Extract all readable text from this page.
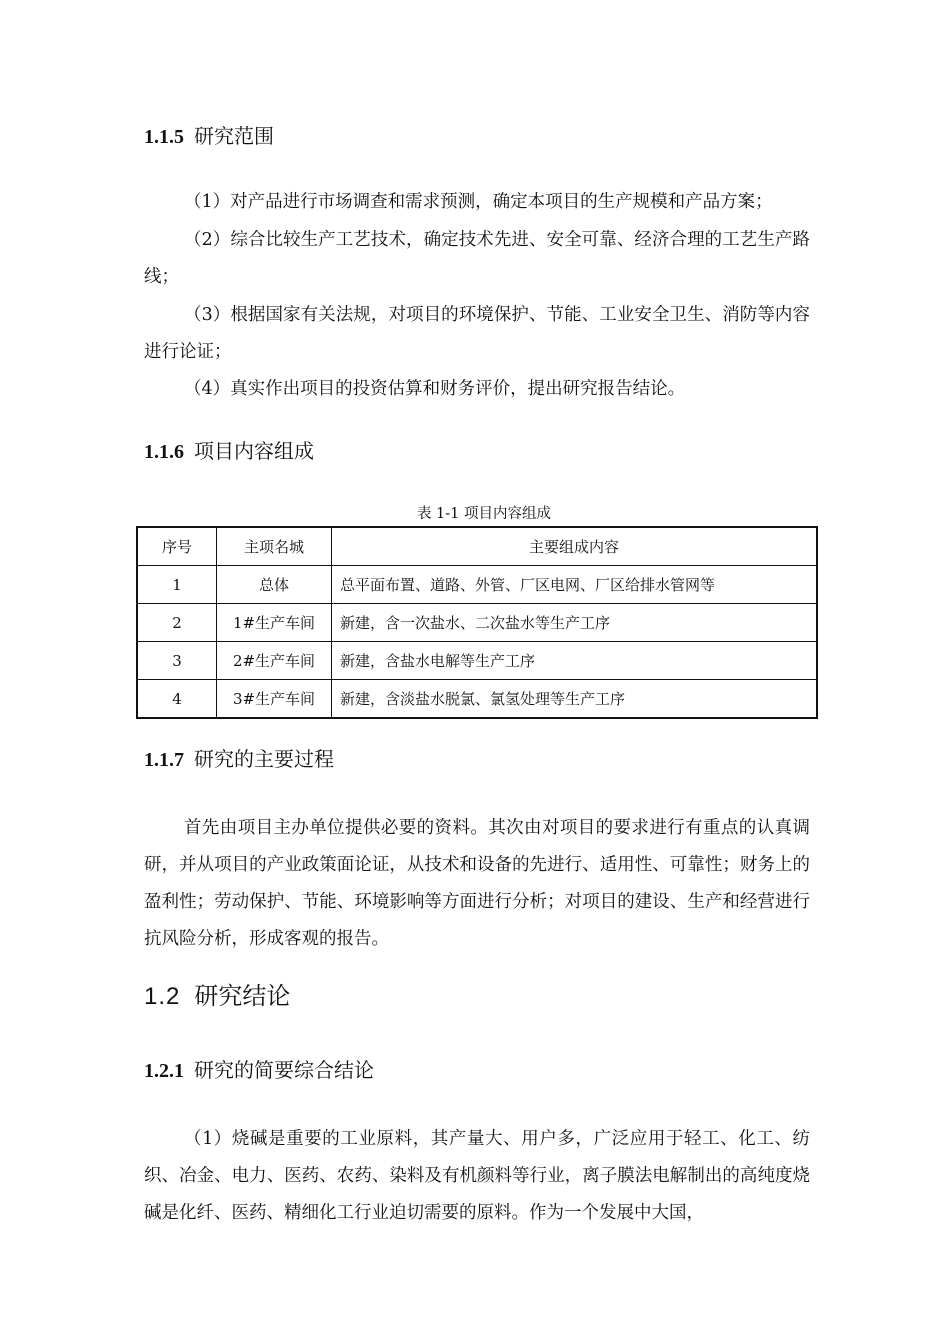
1.1.5 研究范围

（1）对产品进行市场调查和需求预测，确定本项目的生产规模和产品方案；

（2）综合比较生产工艺技术，确定技术先进、安全可靠、经济合理的工艺生产路线；

（3）根据国家有关法规，对项目的环境保护、节能、工业安全卫生、消防等内容进行论证；

（4）真实作出项目的投资估算和财务评价，提出研究报告结论。

1.1.6 项目内容组成
表 1-1 项目内容组成
序号	主项名城	主要组成内容
1	总体	总平面布置、道路、外管、厂区电网、厂区给排水管网等
2	1#生产车间	新建，含一次盐水、二次盐水等生产工序
3	2#生产车间	新建，含盐水电解等生产工序
4	3#生产车间	新建，含淡盐水脱氯、氯氢处理等生产工序
1.1.7 研究的主要过程

首先由项目主办单位提供必要的资料。其次由对项目的要求进行有重点的认真调研，并从项目的产业政策面论证，从技术和设备的先进行、适用性、可靠性；财务上的盈利性；劳动保护、节能、环境影响等方面进行分析；对项目的建设、生产和经营进行抗风险分析，形成客观的报告。

1.2 研究结论
1.2.1 研究的简要综合结论

（1）烧碱是重要的工业原料，其产量大、用户多，广泛应用于轻工、化工、纺织、冶金、电力、医药、农药、染料及有机颜料等行业，离子膜法电解制出的高纯度烧碱是化纤、医药、精细化工行业迫切需要的原料。作为一个发展中大国，
